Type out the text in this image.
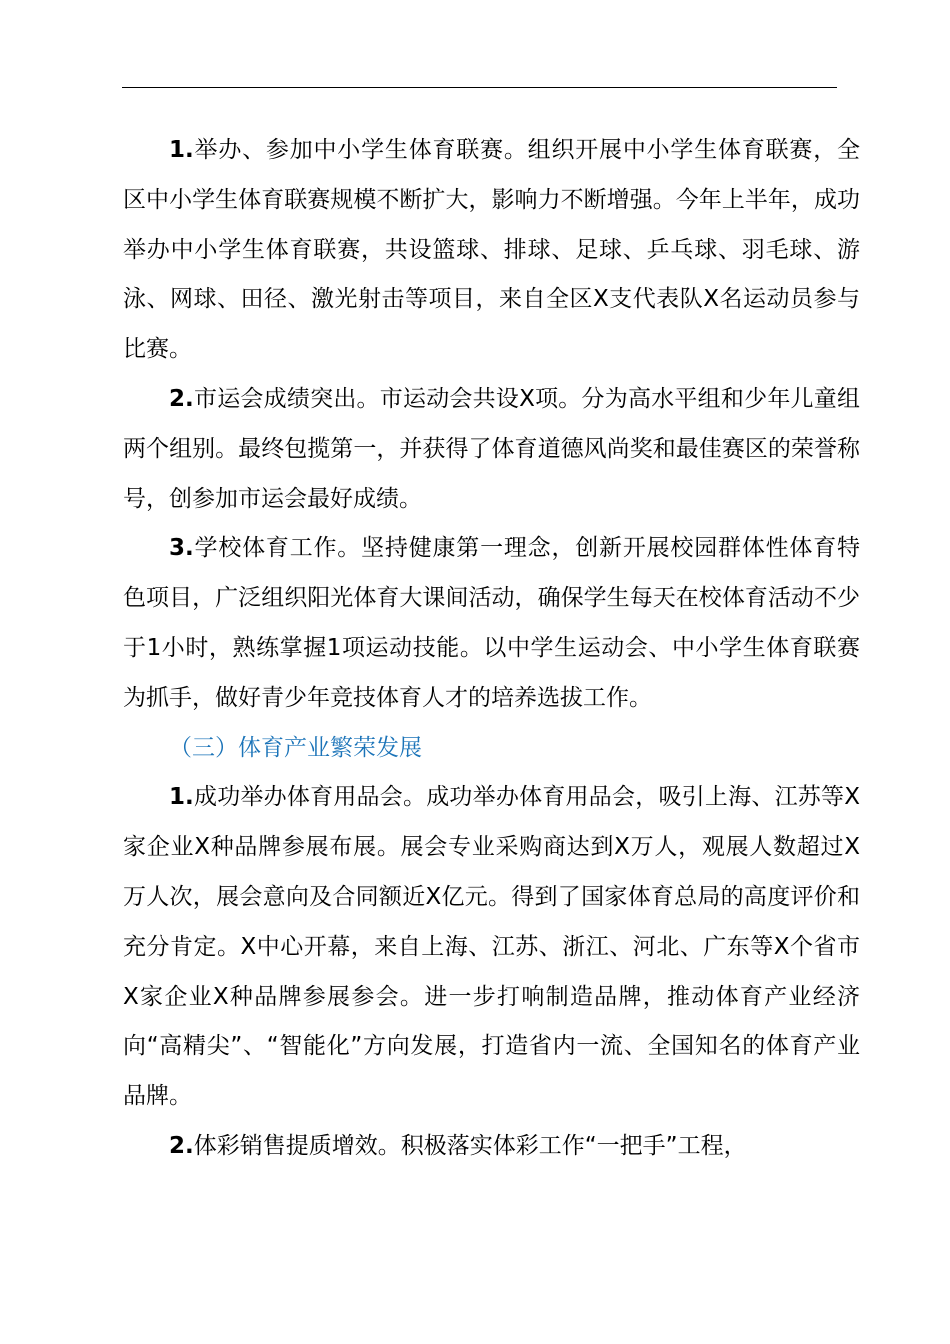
1.举办、参加中小学生体育联赛。组织开展中小学生体育联赛，全区中小学生体育联赛规模不断扩大，影响力不断增强。今年上半年，成功举办中小学生体育联赛，共设篮球、排球、足球、乒乓球、羽毛球、游泳、网球、田径、激光射击等项目，来自全区X支代表队X名运动员参与比赛。

2.市运会成绩突出。市运动会共设X项。分为高水平组和少年儿童组两个组别。最终包揽第一，并获得了体育道德风尚奖和最佳赛区的荣誉称号，创参加市运会最好成绩。

3.学校体育工作。坚持健康第一理念，创新开展校园群体性体育特色项目，广泛组织阳光体育大课间活动，确保学生每天在校体育活动不少于1小时，熟练掌握1项运动技能。以中学生运动会、中小学生体育联赛为抓手，做好青少年竞技体育人才的培养选拔工作。

（三）体育产业繁荣发展

1.成功举办体育用品会。成功举办体育用品会，吸引上海、江苏等X家企业X种品牌参展布展。展会专业采购商达到X万人，观展人数超过X万人次，展会意向及合同额近X亿元。得到了国家体育总局的高度评价和充分肯定。X中心开幕，来自上海、江苏、浙江、河北、广东等X个省市X家企业X种品牌参展参会。进一步打响制造品牌，推动体育产业经济向“高精尖”、“智能化”方向发展，打造省内一流、全国知名的体育产业品牌。

2.体彩销售提质增效。积极落实体彩工作“一把手”工程，
